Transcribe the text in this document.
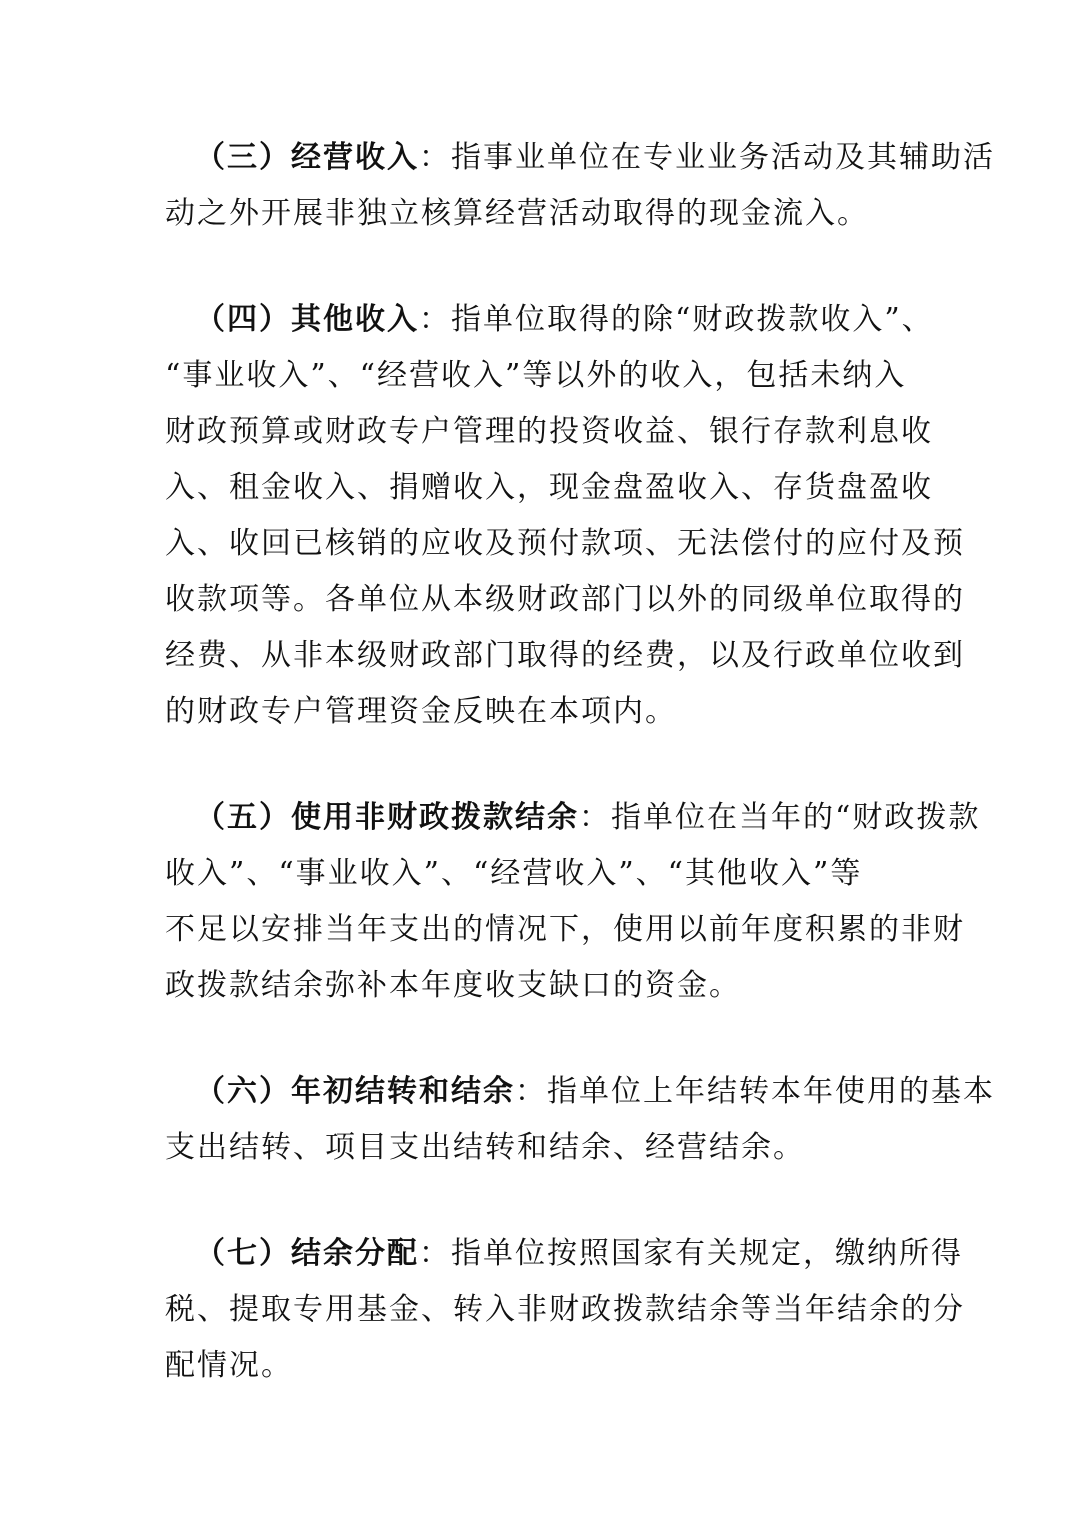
（三）经营收入：指事业单位在专业业务活动及其辅助活
动之外开展非独立核算经营活动取得的现金流入。

（四）其他收入：指单位取得的除“财政拨款收入”、
“事业收入”、“经营收入”等以外的收入，包括未纳入
财政预算或财政专户管理的投资收益、银行存款利息收
入、租金收入、捐赠收入，现金盘盈收入、存货盘盈收
入、收回已核销的应收及预付款项、无法偿付的应付及预
收款项等。各单位从本级财政部门以外的同级单位取得的
经费、从非本级财政部门取得的经费，以及行政单位收到
的财政专户管理资金反映在本项内。

（五）使用非财政拨款结余：指单位在当年的“财政拨款
收入”、“事业收入”、“经营收入”、“其他收入”等
不足以安排当年支出的情况下，使用以前年度积累的非财
政拨款结余弥补本年度收支缺口的资金。

（六）年初结转和结余：指单位上年结转本年使用的基本
支出结转、项目支出结转和结余、经营结余。

（七）结余分配：指单位按照国家有关规定，缴纳所得
税、提取专用基金、转入非财政拨款结余等当年结余的分
配情况。
